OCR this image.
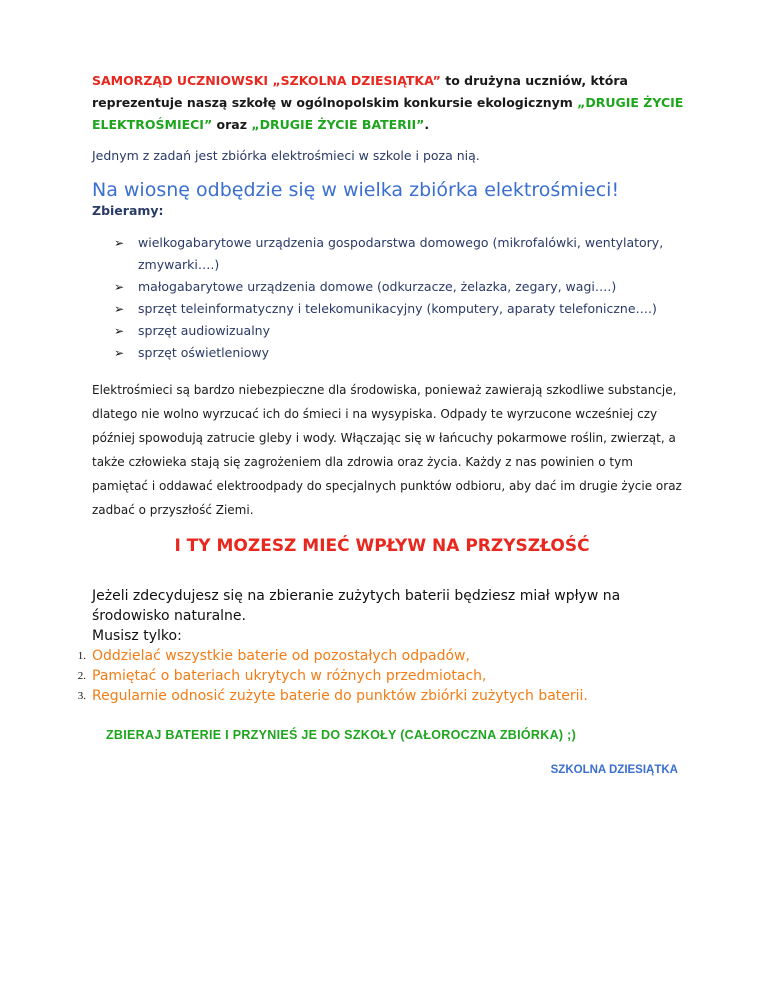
SAMORZĄD UCZNIOWSKI „SZKOLNA DZIESIĄTKA” to drużyna uczniów, która reprezentuje naszą szkołę w ogólnopolskim konkursie ekologicznym „DRUGIE ŻYCIE ELEKTROŚMIECI” oraz „DRUGIE ŻYCIE BATERII”.

Jednym z zadań jest zbiórka elektrośmieci w szkole i poza nią.

Na wiosnę odbędzie się w wielka zbiórka elektrośmieci!

Zbieramy:

➢ wielkogabarytowe urządzenia gospodarstwa domowego (mikrofalówki, wentylatory, zmywarki….)
➢ małogabarytowe urządzenia domowe (odkurzacze, żelazka, zegary, wagi….)
➢ sprzęt teleinformatyczny i telekomunikacyjny (komputery, aparaty telefoniczne….)
➢ sprzęt audiowizualny
➢ sprzęt oświetleniowy

Elektrośmieci są bardzo niebezpieczne dla środowiska, ponieważ zawierają szkodliwe substancje, dlatego nie wolno wyrzucać ich do śmieci i na wysypiska. Odpady te wyrzucone wcześniej czy później spowodują zatrucie gleby i wody. Włączając się w łańcuchy pokarmowe roślin, zwierząt, a także człowieka stają się zagrożeniem dla zdrowia oraz życia. Każdy z nas powinien o tym pamiętać i oddawać elektroodpady do specjalnych punktów odbioru, aby dać im drugie życie oraz zadbać o przyszłość Ziemi.

I TY MOZESZ MIEĆ WPŁYW NA PRZYSZŁOŚĆ

Jeżeli zdecydujesz się na zbieranie zużytych baterii będziesz miał wpływ na środowisko naturalne.
Musisz tylko:

1. Oddzielać wszystkie baterie od pozostałych odpadów,
2. Pamiętać o bateriach ukrytych w różnych przedmiotach,
3. Regularnie odnosić zużyte baterie do punktów zbiórki zużytych baterii.

ZBIERAJ BATERIE I PRZYNIEŚ JE DO SZKOŁY (CAŁOROCZNA ZBIÓRKA) ;)

SZKOLNA DZIESIĄTKA
